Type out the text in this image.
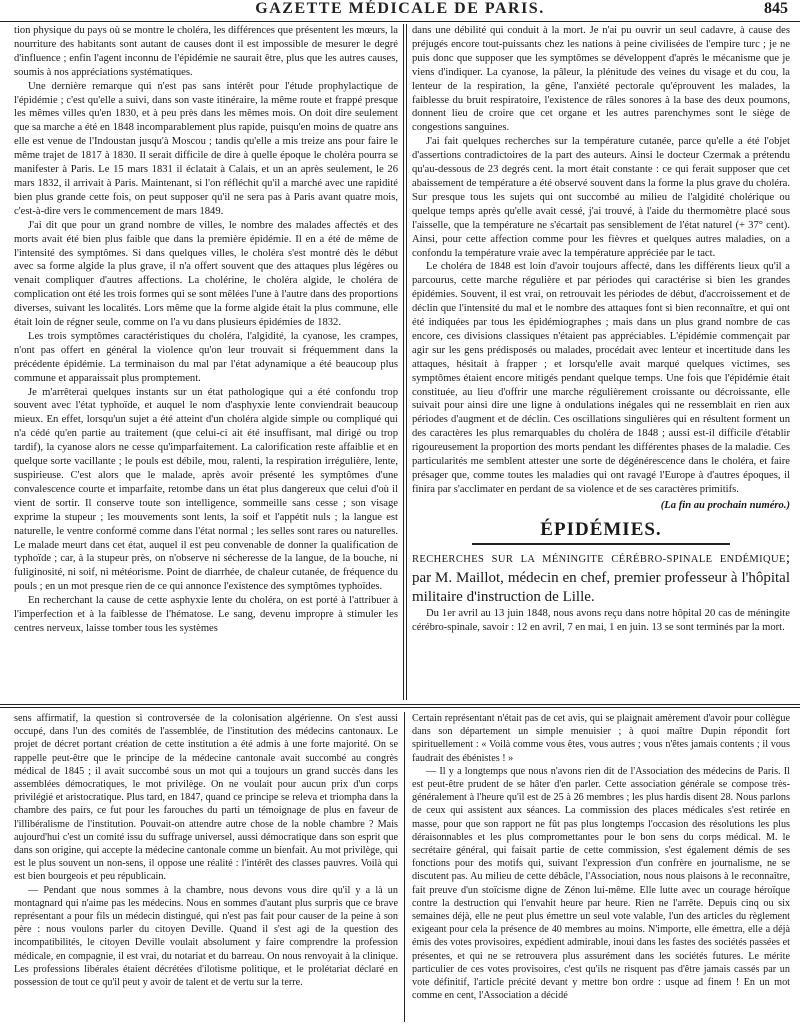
GAZETTE MÉDICALE DE PARIS.	845

tion physique du pays où se montre le choléra, les différences que présentent les mœurs, la nourriture des habitants sont autant de causes dont il est impossible de mesurer le degré d'influence ; enfin l'agent inconnu de l'épidémie ne saurait être, plus que les autres causes, soumis à nos appréciations systématiques.

Une dernière remarque qui n'est pas sans intérêt pour l'étude prophylactique de l'épidémie ; c'est qu'elle a suivi, dans son vaste itinéraire, la même route et frappé presque les mêmes villes qu'en 1830, et à peu près dans les mêmes mois. On doit dire seulement que sa marche a été en 1848 incomparablement plus rapide, puisqu'en moins de quatre ans elle est venue de l'Indoustan jusqu'à Moscou ; tandis qu'elle a mis treize ans pour faire le même trajet de 1817 à 1830. Il serait difficile de dire à quelle époque le choléra pourra se manifester à Paris. Le 15 mars 1831 il éclatait à Calais, et un an après seulement, le 26 mars 1832, il arrivait à Paris. Maintenant, si l'on réfléchit qu'il a marché avec une rapidité bien plus grande cette fois, on peut supposer qu'il ne sera pas à Paris avant quatre mois, c'est-à-dire vers le commencement de mars 1849.

J'ai dit que pour un grand nombre de villes, le nombre des malades affectés et des morts avait été bien plus faible que dans la première épidémie. Il en a été de même de l'intensité des symptômes. Si dans quelques villes, le choléra s'est montré dès le début avec sa forme algide la plus grave, il n'a offert souvent que des attaques plus légères ou venait compliquer d'autres affections. La cholérine, le choléra algide, le choléra de complication ont été les trois formes qui se sont mêlées l'une à l'autre dans des proportions diverses, suivant les localités. Lors même que la forme algide était la plus commune, elle était loin de régner seule, comme on l'a vu dans plusieurs épidémies de 1832.

Les trois symptômes caractéristiques du choléra, l'algidité, la cyanose, les crampes, n'ont pas offert en général la violence qu'on leur trouvait si fréquemment dans la précédente épidémie. La terminaison du mal par l'état adynamique a été beaucoup plus commune et apparaissait plus promptement.

Je m'arrêterai quelques instants sur un état pathologique qui a été confondu trop souvent avec l'état typhoïde, et auquel le nom d'asphyxie lente conviendrait beaucoup mieux. En effet, lorsqu'un sujet a été atteint d'un choléra algide simple ou compliqué qui n'a cédé qu'en partie au traitement (que celui-ci ait été insuffisant, mal dirigé ou trop tardif), la cyanose alors ne cesse qu'imparfaitement. La calorification reste affaiblie et en quelque sorte vacillante ; le pouls est débile, mou, ralenti, la respiration irrégulière, lente, suspirieuse. C'est alors que le malade, après avoir présenté les symptômes d'une convalescence courte et imparfaite, retombe dans un état plus dangereux que celui d'où il vient de sortir. Il conserve toute son intelligence, sommeille sans cesse ; son visage exprime la stupeur ; les mouvements sont lents, la soif et l'appétit nuls ; la langue est naturelle, le ventre conformé comme dans l'état normal ; les selles sont rares ou naturelles. Le malade meurt dans cet état, auquel il est peu convenable de donner la qualification de typhoïde ; car, à la stupeur près, on n'observe ni sécheresse de la langue, de la bouche, ni fuliginosité, ni soif, ni météorisme. Point de diarrhée, de chaleur cutanée, de fréquence du pouls ; en un mot presque rien de ce qui annonce l'existence des symptômes typhoïdes.

En recherchant la cause de cette asphyxie lente du choléra, on est porté à l'attribuer à l'imperfection et à la faiblesse de l'hématose. Le sang, devenu impropre à stimuler les centres nerveux, laisse tomber tous les systèmes

dans une débilité qui conduit à la mort. Je n'ai pu ouvrir un seul cadavre, à cause des préjugés encore tout-puissants chez les nations à peine civilisées de l'empire turc ; je ne puis donc que supposer que les symptômes se développent d'après le mécanisme que je viens d'indiquer. La cyanose, la pâleur, la plénitude des veines du visage et du cou, la lenteur de la respiration, la gêne, l'anxiété pectorale qu'éprouvent les malades, la faiblesse du bruit respiratoire, l'existence de râles sonores à la base des deux poumons, donnent lieu de croire que cet organe et les autres parenchymes sont le siège de congestions sanguines.

J'ai fait quelques recherches sur la température cutanée, parce qu'elle a été l'objet d'assertions contradictoires de la part des auteurs. Ainsi le docteur Czermak a prétendu qu'au-dessous de 23 degrés cent. la mort était constante : ce qui ferait supposer que cet abaissement de température a été observé souvent dans la forme la plus grave du choléra. Sur presque tous les sujets qui ont succombé au milieu de l'algidité cholérique ou quelque temps après qu'elle avait cessé, j'ai trouvé, à l'aide du thermomètre placé sous l'aisselle, que la température ne s'écartait pas sensiblement de l'état naturel (+ 37° cent). Ainsi, pour cette affection comme pour les fièvres et quelques autres maladies, on a confondu la température vraie avec la température appréciée par le tact.

Le choléra de 1848 est loin d'avoir toujours affecté, dans les différents lieux qu'il a parcourus, cette marche régulière et par périodes qui caractérise si bien les grandes épidémies. Souvent, il est vrai, on retrouvait les périodes de début, d'accroissement et de déclin que l'intensité du mal et le nombre des attaques font si bien reconnaître, et qui ont été indiquées par tous les épidémiographes ; mais dans un plus grand nombre de cas encore, ces divisions classiques n'étaient pas appréciables. L'épidémie commençait par agir sur les gens prédisposés ou malades, procédait avec lenteur et incertitude dans les attaques, hésitait à frapper ; et lorsqu'elle avait marqué quelques victimes, ses symptômes étaient encore mitigés pendant quelque temps. Une fois que l'épidémie était constituée, au lieu d'offrir une marche régulièrement croissante ou décroissante, elle suivait pour ainsi dire une ligne à ondulations inégales qui ne ressemblait en rien aux périodes d'augment et de déclin. Ces oscillations singulières qui en résultent forment un des caractères les plus remarquables du choléra de 1848 ; aussi est-il difficile d'établir rigoureusement la proportion des morts pendant les différentes phases de la maladie. Ces particularités me semblent attester une sorte de dégénérescence dans le choléra, et faire présager que, comme toutes les maladies qui ont ravagé l'Europe à d'autres époques, il finira par s'acclimater en perdant de sa violence et de ses caractères primitifs.

(La fin au prochain numéro.)

ÉPIDÉMIES.
RECHERCHES SUR LA MÉNINGITE CÉRÉBRO-SPINALE ENDÉMIQUE; par M. Maillot, médecin en chef, premier professeur à l'hôpital militaire d'instruction de Lille.

Du 1er avril au 13 juin 1848, nous avons reçu dans notre hôpital 20 cas de méningite cérébro-spinale, savoir : 12 en avril, 7 en mai, 1 en juin. 13 se sont terminés par la mort.

sens affirmatif, la question si controversée de la colonisation algérienne. On s'est aussi occupé, dans l'un des comités de l'assemblée, de l'institution des médecins cantonaux. Le projet de décret portant création de cette institution a été admis à une forte majorité. On se rappelle peut-être que le principe de la médecine cantonale avait succombé au congrès médical de 1845 ; il avait succombé sous un mot qui a toujours un grand succès dans les assemblées démocratiques, le mot privilège. On ne voulait pour aucun prix d'un corps privilégié et aristocratique. Plus tard, en 1847, quand ce principe se releva et triompha dans la chambre des pairs, ce fut pour les farouches du parti un témoignage de plus en faveur de l'illibéralisme de l'institution. Pouvait-on attendre autre chose de la noble chambre ? Mais aujourd'hui c'est un comité issu du suffrage universel, aussi démocratique dans son esprit que dans son origine, qui accepte la médecine cantonale comme un bienfait. Au mot privilège, qui est le plus souvent un non-sens, il oppose une réalité : l'intérêt des classes pauvres. Voilà qui est bien bourgeois et peu républicain.

— Pendant que nous sommes à la chambre, nous devons vous dire qu'il y a là un montagnard qui n'aime pas les médecins. Nous en sommes d'autant plus surpris que ce brave représentant a pour fils un médecin distingué, qui n'est pas fait pour causer de la peine à son père : nous voulons parler du citoyen Deville. Quand il s'est agi de la question des incompatibilités, le citoyen Deville voulait absolument y faire comprendre la profession médicale, en compagnie, il est vrai, du notariat et du barreau. On nous renvoyait à la clinique. Les professions libérales étaient décrétées d'ilotisme politique, et le prolétariat déclaré en possession de tout ce qu'il peut y avoir de talent et de vertu sur la terre.

Certain représentant n'était pas de cet avis, qui se plaignait amèrement d'avoir pour collègue dans son département un simple menuisier ; à quoi maître Dupin répondit fort spirituellement : « Voilà comme vous êtes, vous autres ; vous n'êtes jamais contents ; il vous faudrait des ébénistes ! »

— Il y a longtemps que nous n'avons rien dit de l'Association des médecins de Paris. Il est peut-être prudent de se hâter d'en parler. Cette association générale se compose très-généralement à l'heure qu'il est de 25 à 26 membres ; les plus hardis disent 28. Nous parlons de ceux qui assistent aux séances. La commission des places médicales s'est retirée en masse, pour que son rapport ne fût pas plus longtemps l'occasion des résolutions les plus déraisonnables et les plus compromettantes pour le bon sens du corps médical. M. le secrétaire général, qui faisait partie de cette commission, s'est également démis de ses fonctions pour des motifs qui, suivant l'expression d'un confrère en journalisme, ne se discutent pas. Au milieu de cette débâcle, l'Association, nous nous plaisons à le reconnaître, fait preuve d'un stoïcisme digne de Zénon lui-même. Elle lutte avec un courage héroïque contre la destruction qui l'envahit heure par heure. Rien ne l'arrête. Depuis cinq ou six semaines déjà, elle ne peut plus émettre un seul vote valable, l'un des articles du règlement exigeant pour cela la présence de 40 membres au moins. N'importe, elle émettra, elle a déjà émis des votes provisoires, expédient admirable, inoui dans les fastes des sociétés passées et présentes, et qui ne se retrouvera plus assurément dans les sociétés futures. Le mérite particulier de ces votes provisoires, c'est qu'ils ne risquent pas d'être jamais cassés par un vote définitif, l'article précité devant y mettre bon ordre : usque ad finem ! En un mot comme en cent, l'Association a décidé
